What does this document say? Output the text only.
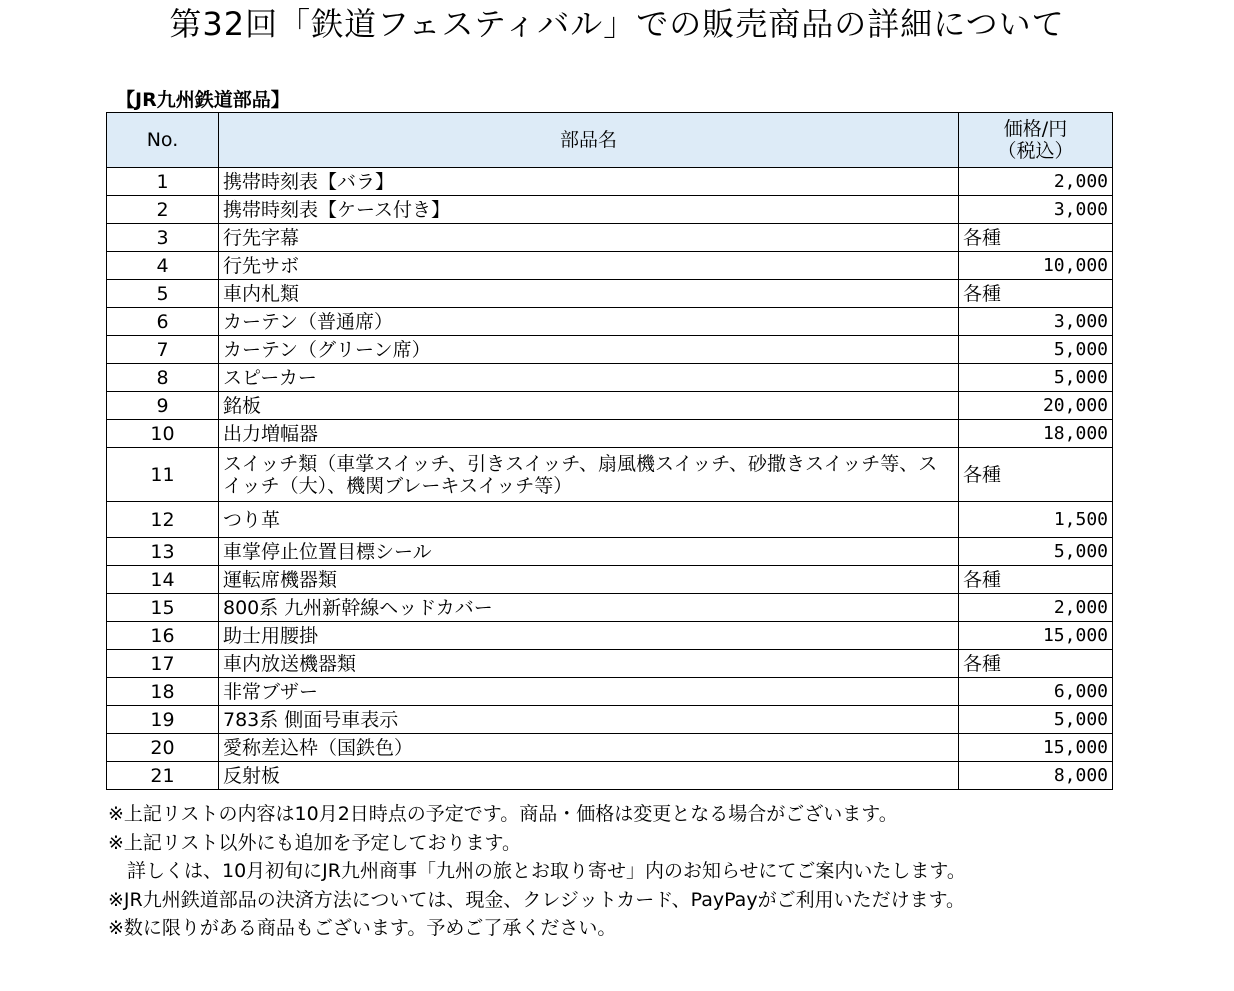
第32回「鉄道フェスティバル」での販売商品の詳細について
【JR九州鉄道部品】
No.	部品名	価格/円
（税込）

1	携帯時刻表【バラ】	2,000
2	携帯時刻表【ケース付き】	3,000
3	行先字幕	各種
4	行先サボ	10,000
5	車内札類	各種
6	カーテン（普通席）	3,000
7	カーテン（グリーン席）	5,000
8	スピーカー	5,000
9	銘板	20,000
10	出力増幅器	18,000
11	スイッチ類（車掌スイッチ、引きスイッチ、扇風機スイッチ、砂撒きスイッチ等、スイッチ（大）、機関ブレーキスイッチ等）	各種
12	つり革	1,500
13	車掌停止位置目標シール	5,000
14	運転席機器類	各種
15	800系 九州新幹線ヘッドカバー	2,000
16	助士用腰掛	15,000
17	車内放送機器類	各種
18	非常ブザー	6,000
19	783系 側面号車表示	5,000
20	愛称差込枠（国鉄色）	15,000
21	反射板	8,000
※上記リストの内容は10月2日時点の予定です。商品・価格は変更となる場合がございます。
※上記リスト以外にも追加を予定しております。
　詳しくは、10月初旬にJR九州商事「九州の旅とお取り寄せ」内のお知らせにてご案内いたします。
※JR九州鉄道部品の決済方法については、現金、クレジットカード、PayPayがご利用いただけます。
※数に限りがある商品もございます。予めご了承ください。
